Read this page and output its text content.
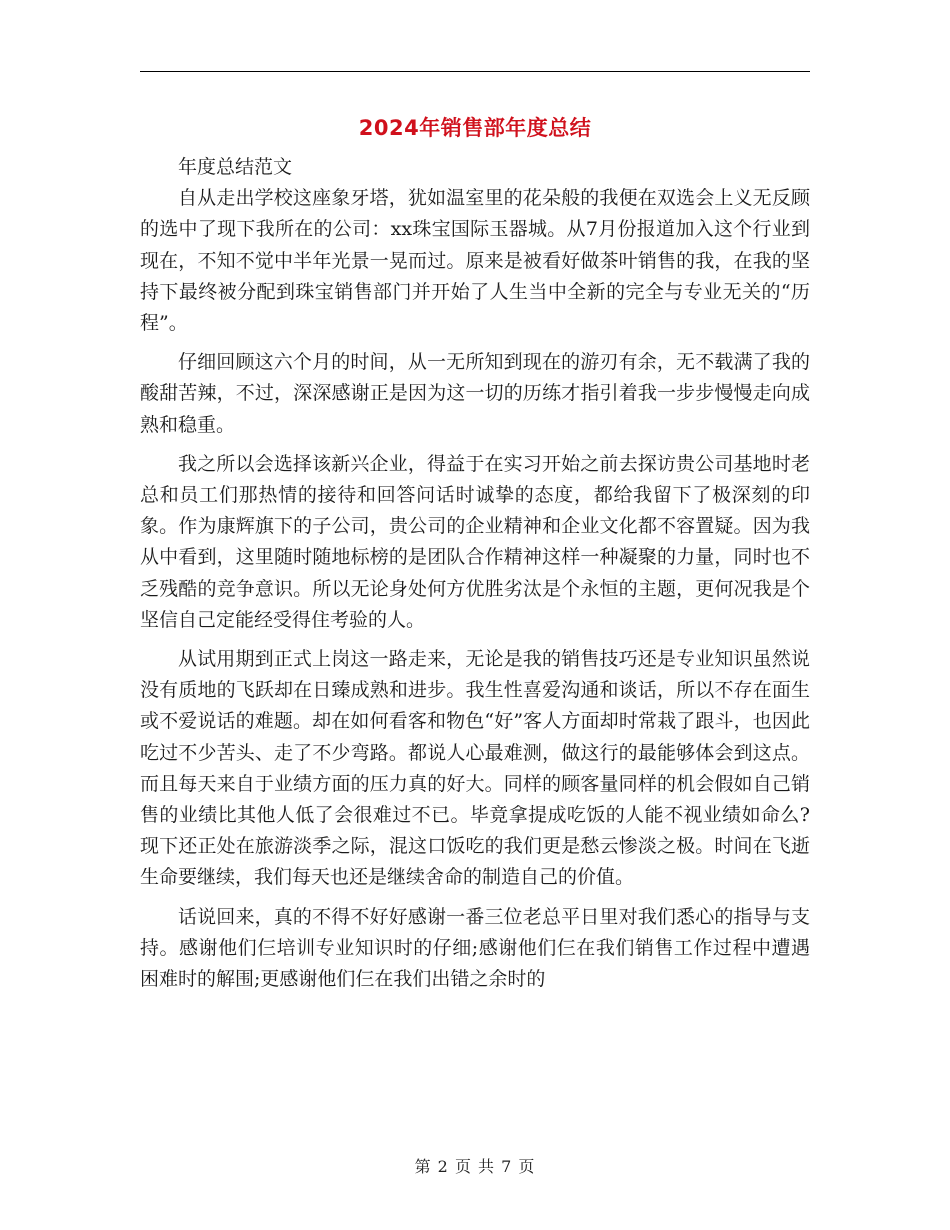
2024年销售部年度总结

年度总结范文

自从走出学校这座象牙塔，犹如温室里的花朵般的我便在双选会上义无反顾的选中了现下我所在的公司：xx珠宝国际玉器城。从7月份报道加入这个行业到现在，不知不觉中半年光景一晃而过。原来是被看好做茶叶销售的我，在我的坚持下最终被分配到珠宝销售部门并开始了人生当中全新的完全与专业无关的“历程”。

仔细回顾这六个月的时间，从一无所知到现在的游刃有余，无不载满了我的酸甜苦辣，不过，深深感谢正是因为这一切的历练才指引着我一步步慢慢走向成熟和稳重。

我之所以会选择该新兴企业，得益于在实习开始之前去探访贵公司基地时老总和员工们那热情的接待和回答问话时诚挚的态度，都给我留下了极深刻的印象。作为康辉旗下的子公司，贵公司的企业精神和企业文化都不容置疑。因为我从中看到，这里随时随地标榜的是团队合作精神这样一种凝聚的力量，同时也不乏残酷的竞争意识。所以无论身处何方优胜劣汰是个永恒的主题，更何况我是个坚信自己定能经受得住考验的人。

从试用期到正式上岗这一路走来，无论是我的销售技巧还是专业知识虽然说没有质地的飞跃却在日臻成熟和进步。我生性喜爱沟通和谈话，所以不存在面生或不爱说话的难题。却在如何看客和物色“好”客人方面却时常栽了跟斗，也因此吃过不少苦头、走了不少弯路。都说人心最难测，做这行的最能够体会到这点。而且每天来自于业绩方面的压力真的好大。同样的顾客量同样的机会假如自己销售的业绩比其他人低了会很难过不已。毕竟拿提成吃饭的人能不视业绩如命么?现下还正处在旅游淡季之际，混这口饭吃的我们更是愁云惨淡之极。时间在飞逝生命要继续，我们每天也还是继续舍命的制造自己的价值。

话说回来，真的不得不好好感谢一番三位老总平日里对我们悉心的指导与支持。感谢他们仨培训专业知识时的仔细;感谢他们仨在我们销售工作过程中遭遇困难时的解围;更感谢他们仨在我们出错之余时的

第 2 页 共 7 页
